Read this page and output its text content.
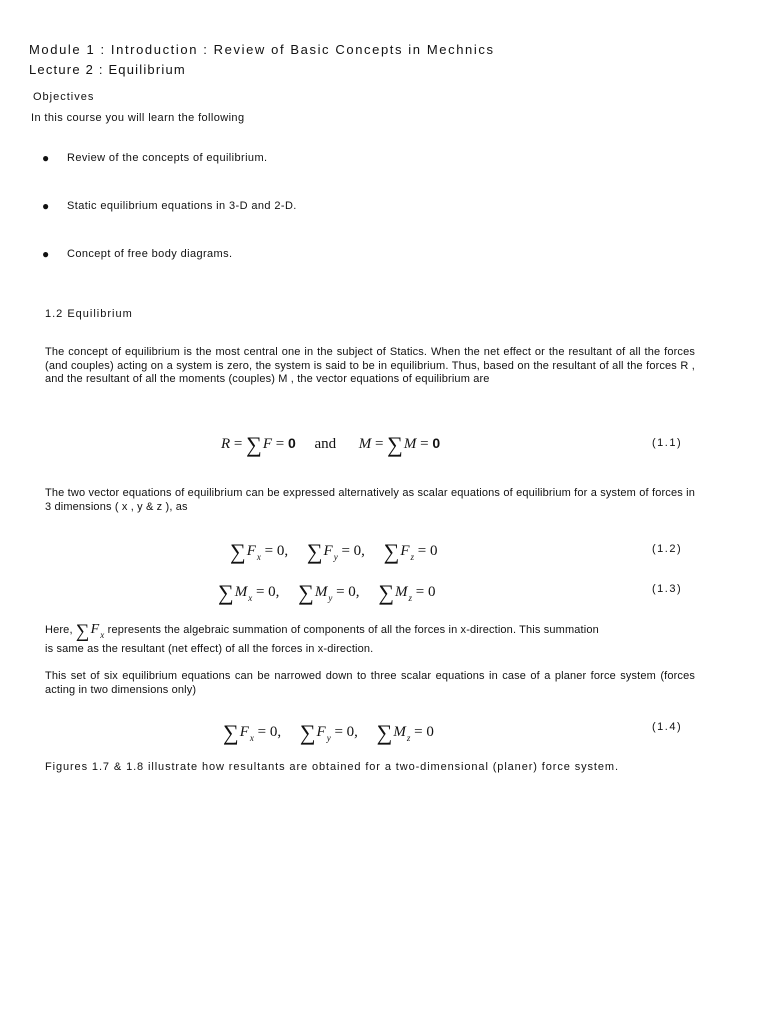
Module 1 : Introduction : Review of Basic Concepts in Mechnics
Lecture 2 : Equilibrium
Objectives
In this course you will learn the following
● Review of the concepts of equilibrium.
● Static equilibrium equations in 3-D and 2-D.
● Concept of free body diagrams.
1.2 Equilibrium
The concept of equilibrium is the most central one in the subject of Statics. When the net effect or the resultant of all the forces (and couples) acting on a system is zero, the system is said to be in equilibrium. Thus, based on the resultant of all the forces R , and the resultant of all the moments (couples) M , the vector equations of equilibrium are
R = ∑F = 0     and      M = ∑M = 0	(1.1)
The two vector equations of equilibrium can be expressed alternatively as scalar equations of equilibrium for a system of forces in 3 dimensions ( x , y & z ), as
$\sum F_x = 0$,     $\sum F_y = 0$,     $\sum F_z = 0$	(1.2)
$\sum M_x = 0$,     $\sum M_y = 0$,     $\sum M_z = 0$	(1.3)
Here, $\sum F_x$ represents the algebraic summation of components of all the forces in x-direction. This summation
is same as the resultant (net effect) of all the forces in x-direction.
This set of six equilibrium equations can be narrowed down to three scalar equations in case of a planer force system (forces acting in two dimensions only)
$\sum F_x = 0$,     $\sum F_y = 0$,     $\sum M_z = 0$	(1.4)
Figures 1.7 & 1.8 illustrate how resultants are obtained for a two-dimensional (planer) force system.
